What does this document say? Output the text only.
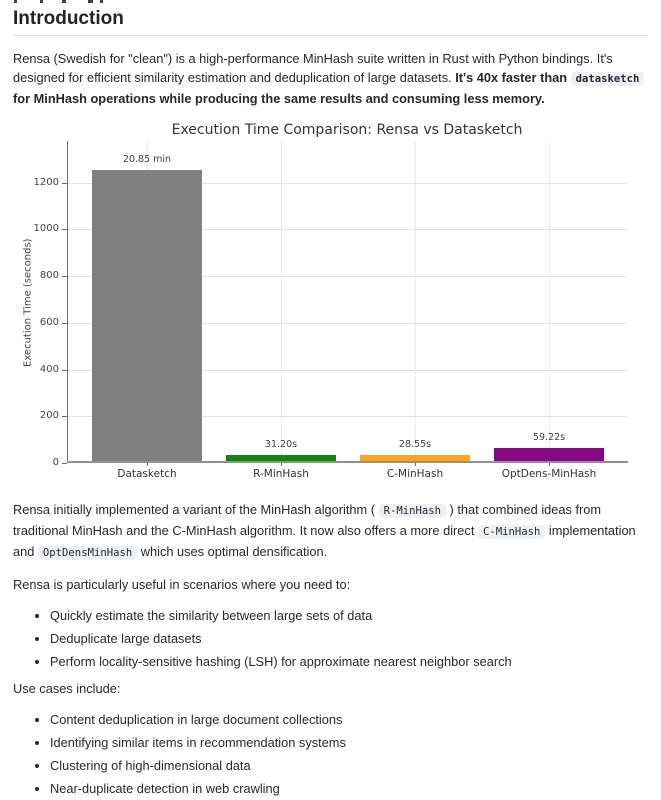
Introduction

Rensa (Swedish for "clean") is a high-performance MinHash suite written in Rust with Python bindings. It's designed for efficient similarity estimation and deduplication of large datasets. It's 40x faster than datasketch for MinHash operations while producing the same results and consuming less memory.

Execution Time Comparison: Rensa vs Datasketch
Execution Time (seconds)
0
200
400
600
800
1000
1200
20.85 min
Datasketch
31.20s
R-MinHash
28.55s
C-MinHash
59.22s
OptDens-MinHash

Rensa initially implemented a variant of the MinHash algorithm ( R-MinHash ) that combined ideas from traditional MinHash and the C-MinHash algorithm. It now also offers a more direct C-MinHash implementation and OptDensMinHash which uses optimal densification.

Rensa is particularly useful in scenarios where you need to:

• Quickly estimate the similarity between large sets of data
• Deduplicate large datasets
• Perform locality-sensitive hashing (LSH) for approximate nearest neighbor search

Use cases include:

• Content deduplication in large document collections
• Identifying similar items in recommendation systems
• Clustering of high-dimensional data
• Near-duplicate detection in web crawling
